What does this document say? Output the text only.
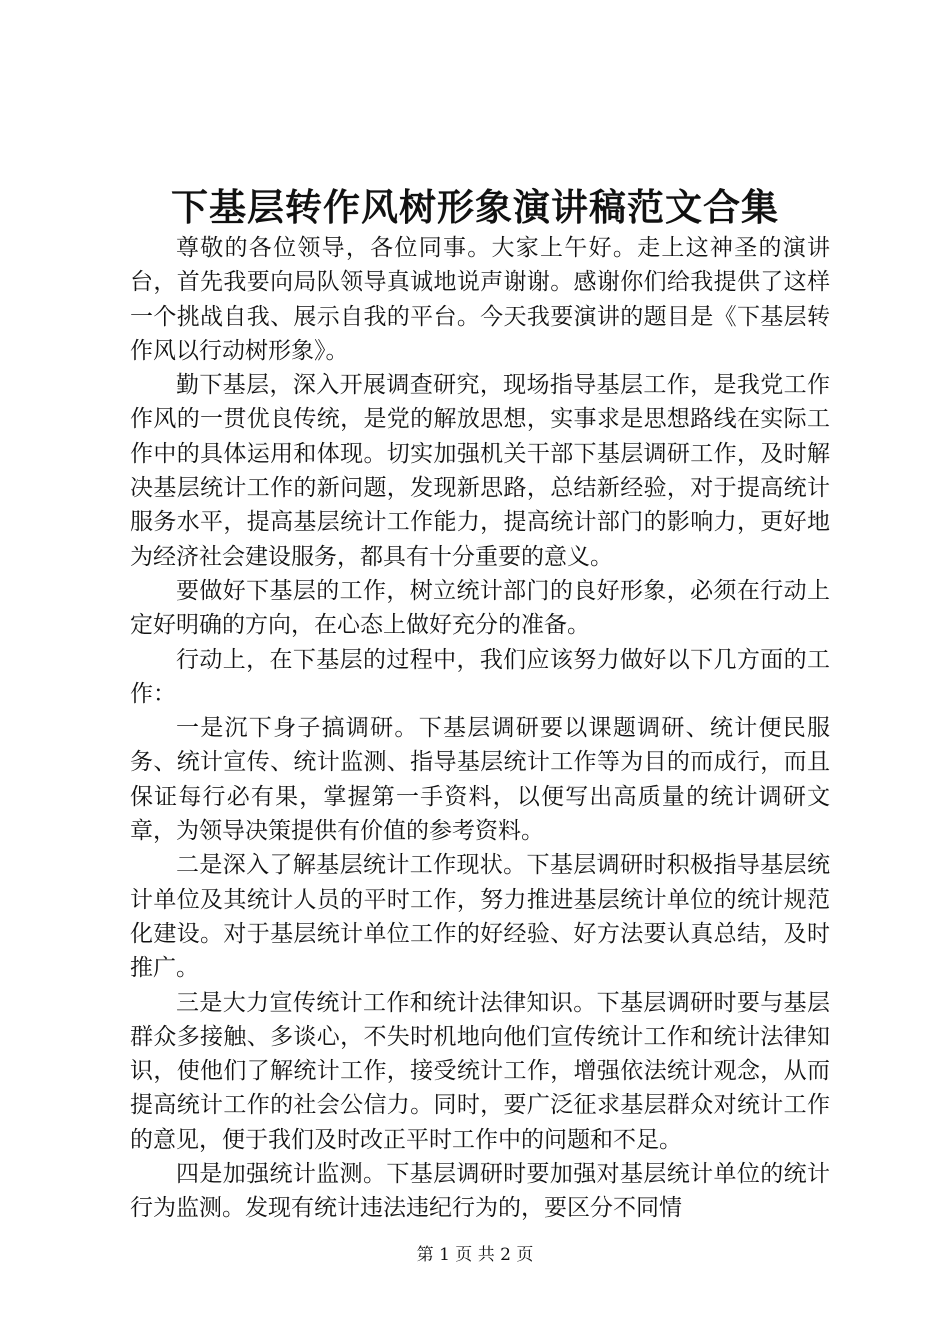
下基层转作风树形象演讲稿范文合集

尊敬的各位领导，各位同事。大家上午好。走上这神圣的演讲台，首先我要向局队领导真诚地说声谢谢。感谢你们给我提供了这样一个挑战自我、展示自我的平台。今天我要演讲的题目是《下基层转作风以行动树形象》。

勤下基层，深入开展调查研究，现场指导基层工作，是我党工作作风的一贯优良传统，是党的解放思想，实事求是思想路线在实际工作中的具体运用和体现。切实加强机关干部下基层调研工作，及时解决基层统计工作的新问题，发现新思路，总结新经验，对于提高统计服务水平，提高基层统计工作能力，提高统计部门的影响力，更好地为经济社会建设服务，都具有十分重要的意义。

要做好下基层的工作，树立统计部门的良好形象，必须在行动上定好明确的方向，在心态上做好充分的准备。

行动上，在下基层的过程中，我们应该努力做好以下几方面的工作：

一是沉下身子搞调研。下基层调研要以课题调研、统计便民服务、统计宣传、统计监测、指导基层统计工作等为目的而成行，而且保证每行必有果，掌握第一手资料，以便写出高质量的统计调研文章，为领导决策提供有价值的参考资料。

二是深入了解基层统计工作现状。下基层调研时积极指导基层统计单位及其统计人员的平时工作，努力推进基层统计单位的统计规范化建设。对于基层统计单位工作的好经验、好方法要认真总结，及时推广。

三是大力宣传统计工作和统计法律知识。下基层调研时要与基层群众多接触、多谈心，不失时机地向他们宣传统计工作和统计法律知识，使他们了解统计工作，接受统计工作，增强依法统计观念，从而提高统计工作的社会公信力。同时，要广泛征求基层群众对统计工作的意见，便于我们及时改正平时工作中的问题和不足。

四是加强统计监测。下基层调研时要加强对基层统计单位的统计行为监测。发现有统计违法违纪行为的，要区分不同情

第 1 页 共 2 页
